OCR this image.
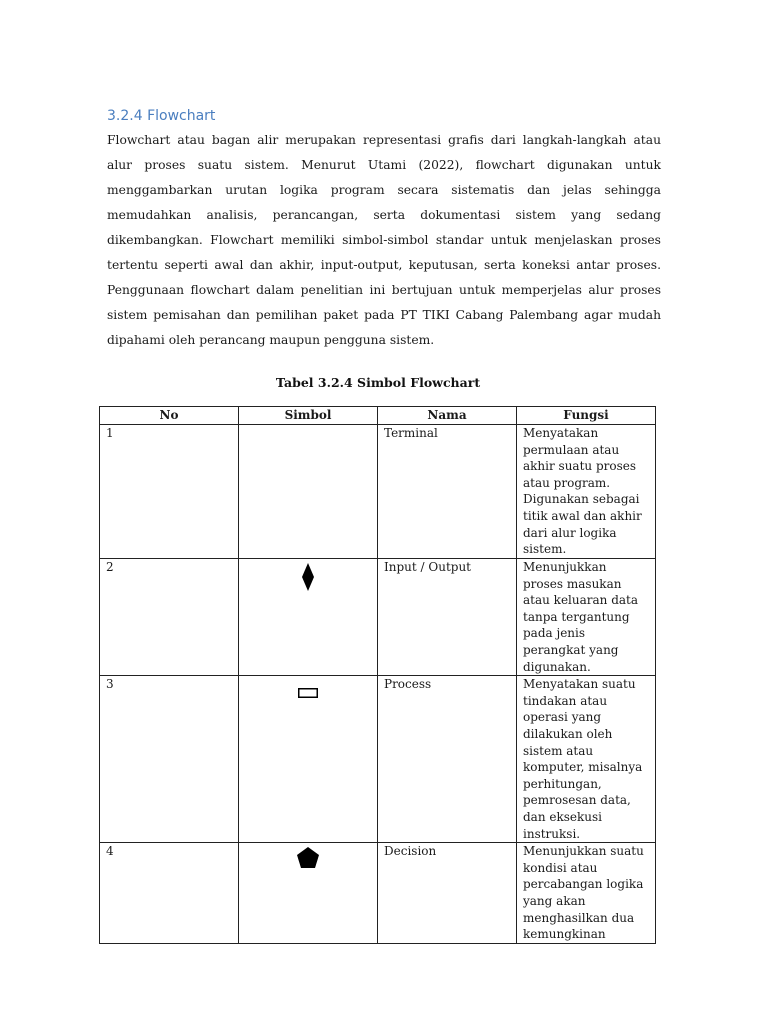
3.2.4 Flowchart

Flowchart atau bagan alir merupakan representasi grafis dari langkah-langkah atau alur proses suatu sistem. Menurut Utami (2022), flowchart digunakan untuk menggambarkan urutan logika program secara sistematis dan jelas sehingga memudahkan analisis, perancangan, serta dokumentasi sistem yang sedang dikembangkan. Flowchart memiliki simbol-simbol standar untuk menjelaskan proses tertentu seperti awal dan akhir, input-output, keputusan, serta koneksi antar proses. Penggunaan flowchart dalam penelitian ini bertujuan untuk memperjelas alur proses sistem pemisahan dan pemilihan paket pada PT TIKI Cabang Palembang agar mudah dipahami oleh perancang maupun pengguna sistem.

Tabel 3.2.4 Simbol Flowchart

No	Simbol	Nama	Fungsi
1		Terminal	Menyatakan permulaan atau akhir suatu proses atau program. Digunakan sebagai titik awal dan akhir dari alur logika sistem.
2		Input / Output	Menunjukkan proses masukan atau keluaran data tanpa tergantung pada jenis perangkat yang digunakan.
3		Process	Menyatakan suatu tindakan atau operasi yang dilakukan oleh sistem atau komputer, misalnya perhitungan, pemrosesan data, dan eksekusi instruksi.
4		Decision	Menunjukkan suatu kondisi atau percabangan logika yang akan menghasilkan dua kemungkinan
